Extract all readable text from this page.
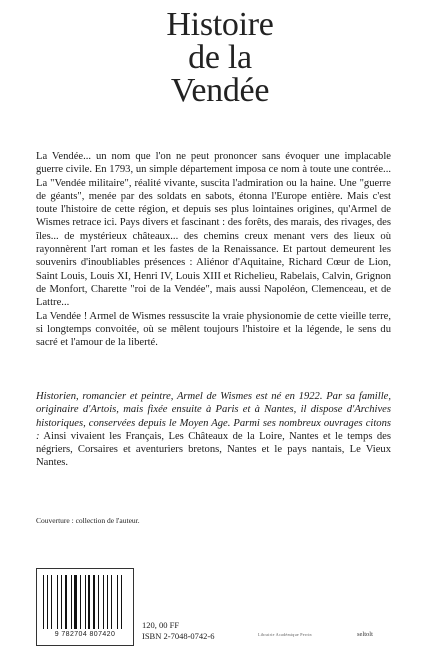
Histoire
de la
Vendée

La Vendée... un nom que l'on ne peut prononcer sans évoquer une implacable guerre civile. En 1793, un simple département imposa ce nom à toute une contrée... La "Vendée militaire", réalité vivante, suscita l'admiration ou la haine. Une "guerre de géants", menée par des soldats en sabots, étonna l'Europe entière. Mais c'est toute l'histoire de cette région, et depuis ses plus lointaines origines, qu'Armel de Wismes retrace ici. Pays divers et fascinant : des forêts, des marais, des rivages, des îles... de mystérieux châteaux... des chemins creux menant vers des lieux où rayonnèrent l'art roman et les fastes de la Renaissance. Et partout demeurent les souvenirs d'inoubliables présences : Aliénor d'Aquitaine, Richard Cœur de Lion, Saint Louis, Louis XI, Henri IV, Louis XIII et Richelieu, Rabelais, Calvin, Grignon de Monfort, Charette "roi de la Vendée", mais aussi Napoléon, Clemenceau, et de Lattre...

La Vendée ! Armel de Wismes ressuscite la vraie physionomie de cette vieille terre, si longtemps convoitée, où se mêlent toujours l'histoire et la légende, le sens du sacré et l'amour de la liberté.

Historien, romancier et peintre, Armel de Wismes est né en 1922. Par sa famille, originaire d'Artois, mais fixée ensuite à Paris et à Nantes, il dispose d'Archives historiques, conservées depuis le Moyen Age. Parmi ses nombreux ouvrages citons : Ainsi vivaient les Français, Les Châteaux de la Loire, Nantes et le temps des négriers, Corsaires et aventuriers bretons, Nantes et le pays nantais, Le Vieux Nantes.
Couverture : collection de l'auteur.
9 782704 807420
120, 00 FF
ISBN 2-7048-0742-6	Librairie Académique Perrin	seltolt
